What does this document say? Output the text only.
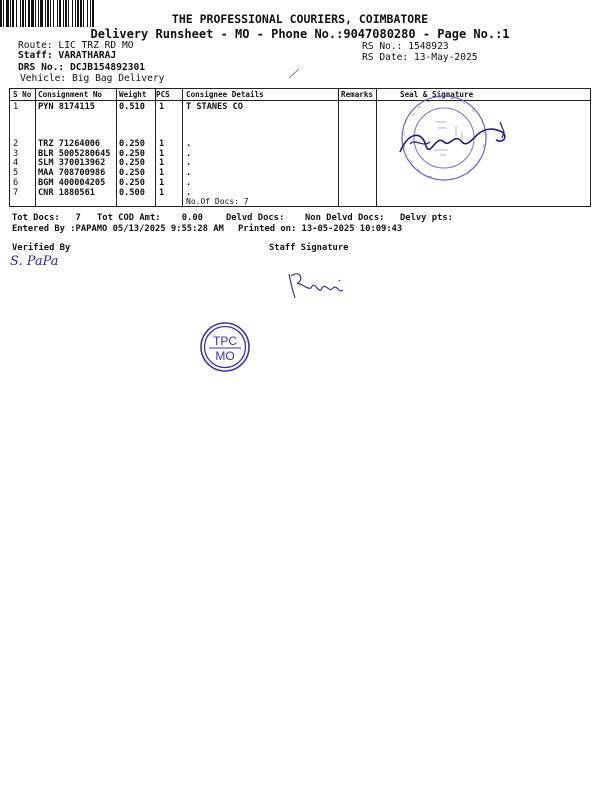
THE PROFESSIONAL COURIERS, COIMBATORE
Delivery Runsheet - MO - Phone No.:9047080280 - Page No.:1
Route: LIC TRZ RD MO
Staff: VARATHARAJ
DRS No.: DCJB154892301
Vehicle: Big Bag Delivery
RS No.: 1548923
RS Date: 13-May-2025
S No Consignment No Weight PCS Consignee Details	Remarks	Seal & Signature
1 PYN 8174115	0.510 1	T STANES CO
2 TRZ 71264006 0.250 1	.
3 BLR 5005280645 0.250 1	.
4 SLM 370013962 0.250 1	.
5 MAA 708700986 0.250 1	.
6 BGM 400004205 0.250 1	.
7 CNR 1880561	0.500 1	.
No.Of Docs: 7
Tot Docs:   7 Tot COD Amt:    0.00	Delvd Docs: Non Delvd Docs: Delvy pts:
Entered By :PAPAMO 05/13/2025 9:55:28 AM Printed on: 13-05-2025 10:09:43
Verified By	Staff Signature
S. PaPa
TPC
MO
